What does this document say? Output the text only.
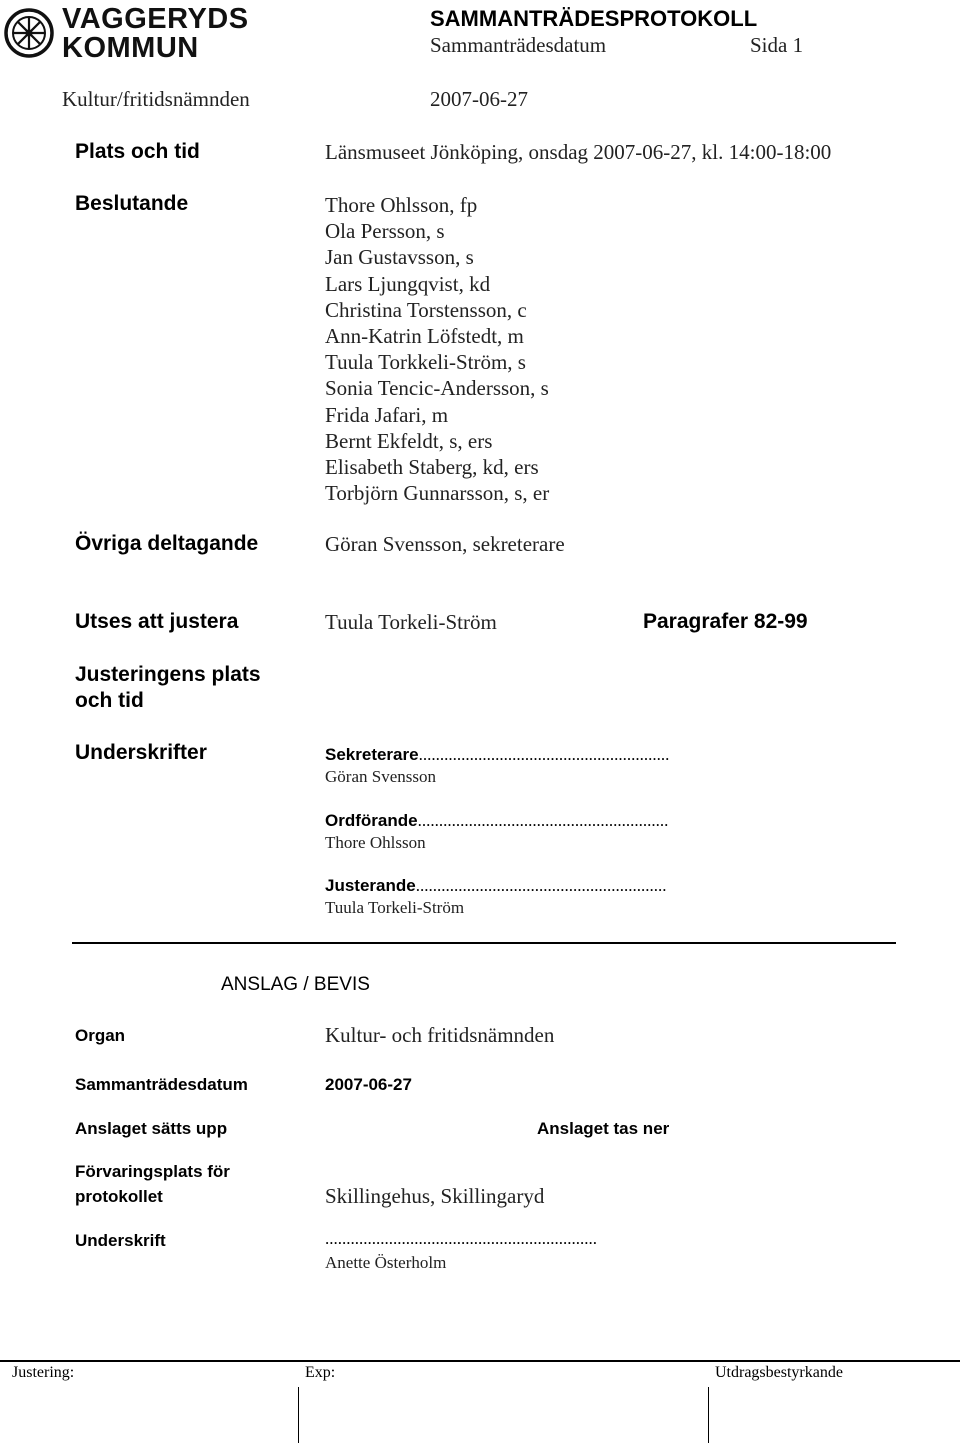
VAGGERYDS
KOMMUN
SAMMANTRÄDESPROTOKOLL
Sammanträdesdatum	Sida 1
Kultur/fritidsnämnden	2007-06-27
Plats och tid	Länsmuseet Jönköping, onsdag 2007-06-27, kl. 14:00-18:00
Beslutande	Thore Ohlsson, fp
Ola Persson, s
Jan Gustavsson, s
Lars Ljungqvist, kd
Christina Torstensson, c
Ann-Katrin Löfstedt, m
Tuula Torkkeli-Ström, s
Sonia Tencic-Andersson, s
Frida Jafari, m
Bernt Ekfeldt, s, ers
Elisabeth Staberg, kd, ers
Torbjörn Gunnarsson, s, er
Övriga deltagande	Göran Svensson, sekreterare
Utses att justera	Tuula Torkeli-Ström	Paragrafer 82-99
Justeringens plats
och tid
Underskrifter	Sekreterare...........................................................
Göran Svensson
Ordförande...........................................................
Thore Ohlsson
Justerande...........................................................
Tuula Torkeli-Ström
ANSLAG / BEVIS
Organ	Kultur- och fritidsnämnden
Sammanträdesdatum	2007-06-27
Anslaget sätts upp	Anslaget tas ner
Förvaringsplats för
protokollet	Skillingehus, Skillingaryd
Underskrift	................................................................
Anette Österholm
Justering:	Exp:	Utdragsbestyrkande
